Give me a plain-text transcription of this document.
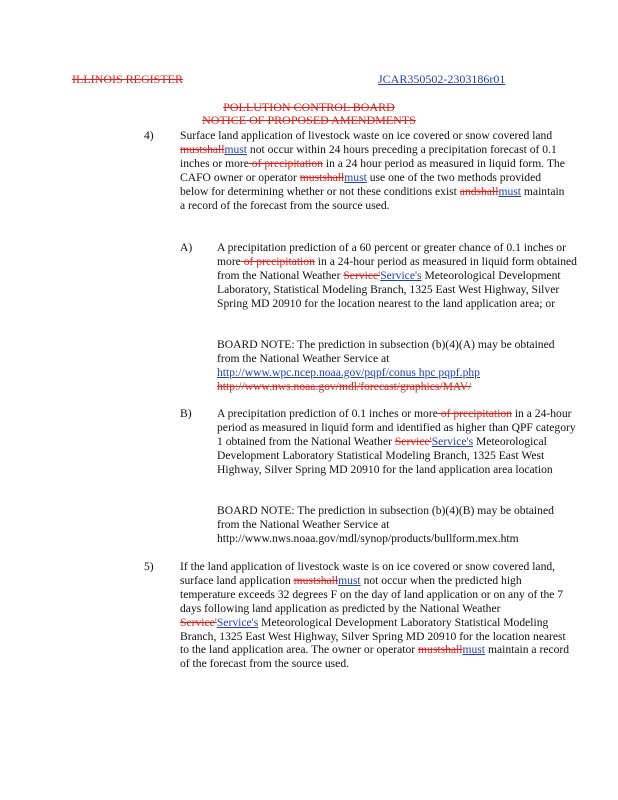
ILLINOIS REGISTER	JCAR350502-2303186r01
POLLUTION CONTROL BOARD
NOTICE OF PROPOSED AMENDMENTS
4) Surface land application of livestock waste on ice covered or snow covered land mustshallmust not occur within 24 hours preceding a precipitation forecast of 0.1 inches or more of precipitation in a 24 hour period as measured in liquid form. The CAFO owner or operator mustshallmust use one of the two methods provided below for determining whether or not these conditions exist andshallmust maintain a record of the forecast from the source used.

A) A precipitation prediction of a 60 percent or greater chance of 0.1 inches or more of precipitation in a 24-hour period as measured in liquid form obtained from the National Weather Service'Service's Meteorological Development Laboratory, Statistical Modeling Branch, 1325 East West Highway, Silver Spring MD 20910 for the location nearest to the land application area; or

BOARD NOTE: The prediction in subsection (b)(4)(A) may be obtained from the National Weather Service at
http://www.wpc.ncep.noaa.gov/pqpf/conus hpc pqpf.php http://www.nws.noaa.gov/mdl/forecast/graphics/MAV/

B) A precipitation prediction of 0.1 inches or more of precipitation in a 24-hour period as measured in liquid form and identified as higher than QPF category 1 obtained from the National Weather Service'Service's Meteorological Development Laboratory Statistical Modeling Branch, 1325 East West Highway, Silver Spring MD 20910 for the land application area location

BOARD NOTE: The prediction in subsection (b)(4)(B) may be obtained from the National Weather Service at http://www.nws.noaa.gov/mdl/synop/products/bullform.mex.htm

5) If the land application of livestock waste is on ice covered or snow covered land, surface land application mustshallmust not occur when the predicted high temperature exceeds 32 degrees F on the day of land application or on any of the 7 days following land application as predicted by the National Weather Service'Service's Meteorological Development Laboratory Statistical Modeling Branch, 1325 East West Highway, Silver Spring MD 20910 for the location nearest to the land application area. The owner or operator mustshallmust maintain a record of the forecast from the source used.
